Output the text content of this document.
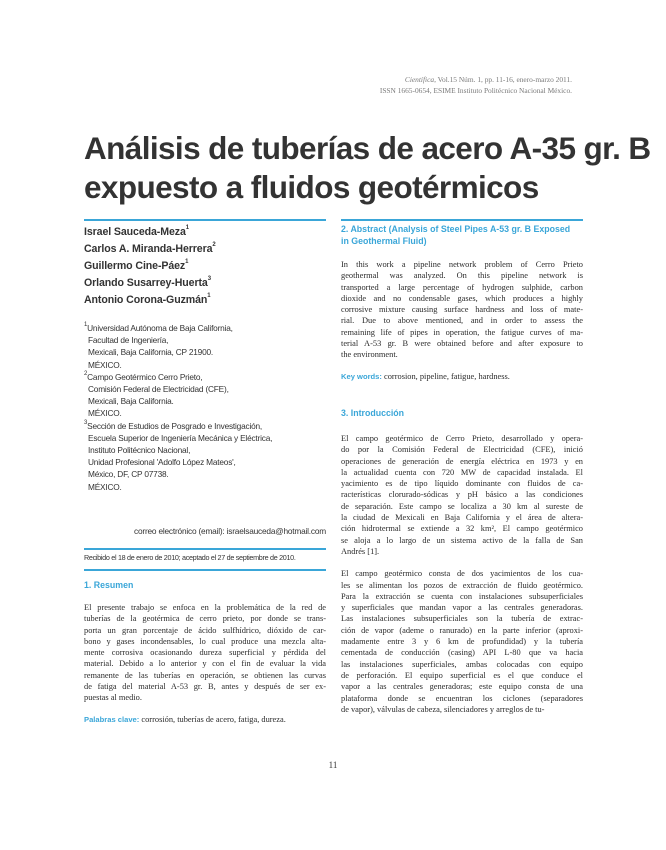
Científica, Vol.15 Núm. 1, pp. 11-16, enero-marzo 2011.
ISSN 1665-0654, ESIME Instituto Politécnico Nacional México.
Análisis de tuberías de acero A-35 gr. B
expuesto a fluidos geotérmicos
Israel Sauceda-Meza$^1$
Carlos A. Miranda-Herrera$^2$
Guillermo Cine-Páez$^1$
Orlando Susarrey-Huerta$^3$
Antonio Corona-Guzmán$^1$
$^1$Universidad Autónoma de Baja California,
Facultad de Ingeniería,
Mexicali, Baja California, CP 21900.
MÉXICO.
$^2$Campo Geotérmico Cerro Prieto,
Comisión Federal de Electricidad (CFE),
Mexicali, Baja California.
MÉXICO.
$^3$Sección de Estudios de Posgrado e Investigación,
Escuela Superior de Ingeniería Mecánica y Eléctrica,
Instituto Politécnico Nacional,
Unidad Profesional 'Adolfo López Mateos',
México, DF, CP 07738.
MÉXICO.
correo electrónico (email): israelsauceda@hotmail.com
Recibido el 18 de enero de 2010; aceptado el 27 de septiembre de 2010.
1. Resumen
El presente trabajo se enfoca en la problemática de la red de
tuberías de la geotérmica de cerro prieto, por donde se trans-
porta un gran porcentaje de ácido sulfhídrico, dióxido de car-
bono y gases incondensables, lo cual produce una mezcla alta-
mente corrosiva ocasionando dureza superficial y pérdida del
material. Debido a lo anterior y con el fin de evaluar la vida
remanente de las tuberías en operación, se obtienen las curvas
de fatiga del material A-53 gr. B, antes y después de ser ex-
puestas al medio.
Palabras clave: corrosión, tuberías de acero, fatiga, dureza.
2. Abstract (Analysis of Steel Pipes A-53 gr. B Exposed
in Geothermal Fluid)
In this work a pipeline network problem of Cerro Prieto
geothermal was analyzed. On this pipeline network is
transported a large percentage of hydrogen sulphide, carbon
dioxide and no condensable gases, which produces a highly
corrosive mixture causing surface hardness and loss of mate-
rial. Due to above mentioned, and in order to assess the
remaining life of pipes in operation, the fatigue curves of ma-
terial A-53 gr. B were obtained before and after exposure to
the environment.
Key words: corrosion, pipeline, fatigue, hardness.
3. Introducción
El campo geotérmico de Cerro Prieto, desarrollado y opera-
do por la Comisión Federal de Electricidad (CFE), inició
operaciones de generación de energía eléctrica en 1973 y en
la actualidad cuenta con 720 MW de capacidad instalada. El
yacimiento es de tipo líquido dominante con fluidos de ca-
racterísticas clorurado-sódicas y pH básico a las condiciones
de separación. Este campo se localiza a 30 km al sureste de
la ciudad de Mexicali en Baja California y el área de altera-
ción hidrotermal se extiende a 32 km², El campo geotérmico
se aloja a lo largo de un sistema activo de la falla de San
Andrés [1].
El campo geotérmico consta de dos yacimientos de los cua-
les se alimentan los pozos de extracción de fluido geotérmico.
Para la extracción se cuenta con instalaciones subsuperficiales
y superficiales que mandan vapor a las centrales generadoras.
Las instalaciones subsuperficiales son la tubería de extrac-
ción de vapor (ademe o ranurado) en la parte inferior (aproxi-
madamente entre 3 y 6 km de profundidad) y la tubería
cementada de conducción (casing) API L-80 que va hacia
las instalaciones superficiales, ambas colocadas con equipo
de perforación. El equipo superficial es el que conduce el
vapor a las centrales generadoras; este equipo consta de una
plataforma donde se encuentran los ciclones (separadores
de vapor), válvulas de cabeza, silenciadores y arreglos de tu-
11
